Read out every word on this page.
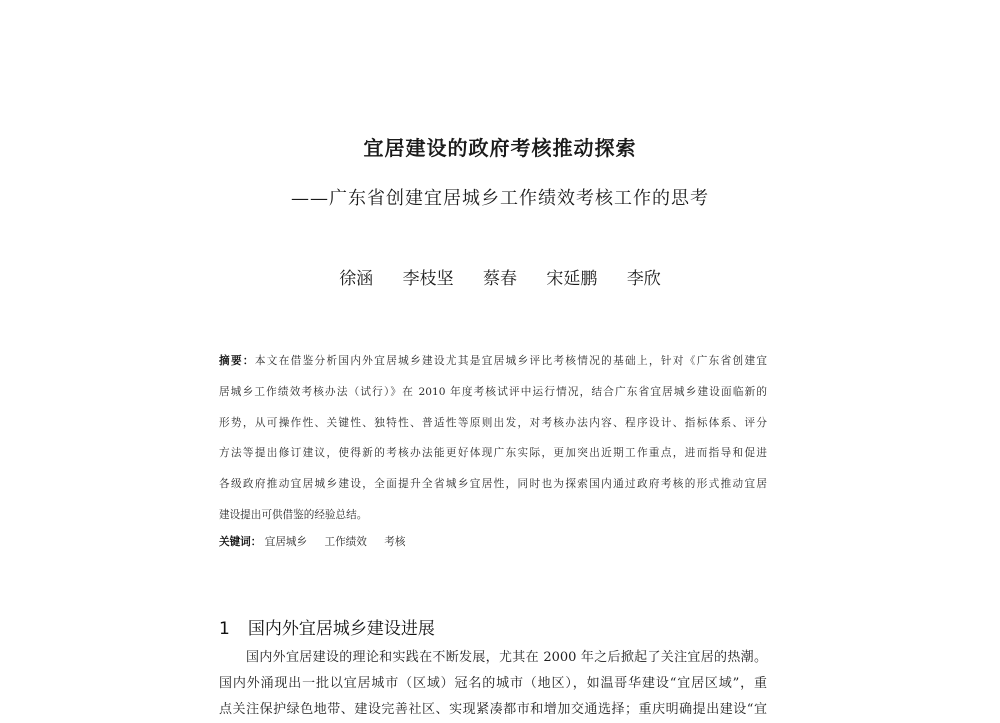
宜居建设的政府考核推动探索
——广东省创建宜居城乡工作绩效考核工作的思考
徐涵 李枝坚 蔡春 宋延鹏 李欣
摘要：本文在借鉴分析国内外宜居城乡建设尤其是宜居城乡评比考核情况的基础上，针对《广东省创建宜
居城乡工作绩效考核办法（试行）》在 2010 年度考核试评中运行情况，结合广东省宜居城乡建设面临新的
形势，从可操作性、关键性、独特性、普适性等原则出发，对考核办法内容、程序设计、指标体系、评分
方法等提出修订建议，使得新的考核办法能更好体现广东实际，更加突出近期工作重点，进而指导和促进
各级政府推动宜居城乡建设，全面提升全省城乡宜居性，同时也为探索国内通过政府考核的形式推动宜居
建设提出可供借鉴的经验总结。
关键词： 宜居城乡 工作绩效 考核
1 国内外宜居城乡建设进展
国内外宜居建设的理论和实践在不断发展，尤其在 2000 年之后掀起了关注宜居的热潮。
国内外涌现出一批以宜居城市（区域）冠名的城市（地区），如温哥华建设“宜居区域”，重
点关注保护绿色地带、建设完善社区、实现紧凑都市和增加交通选择；重庆明确提出建设“宜
